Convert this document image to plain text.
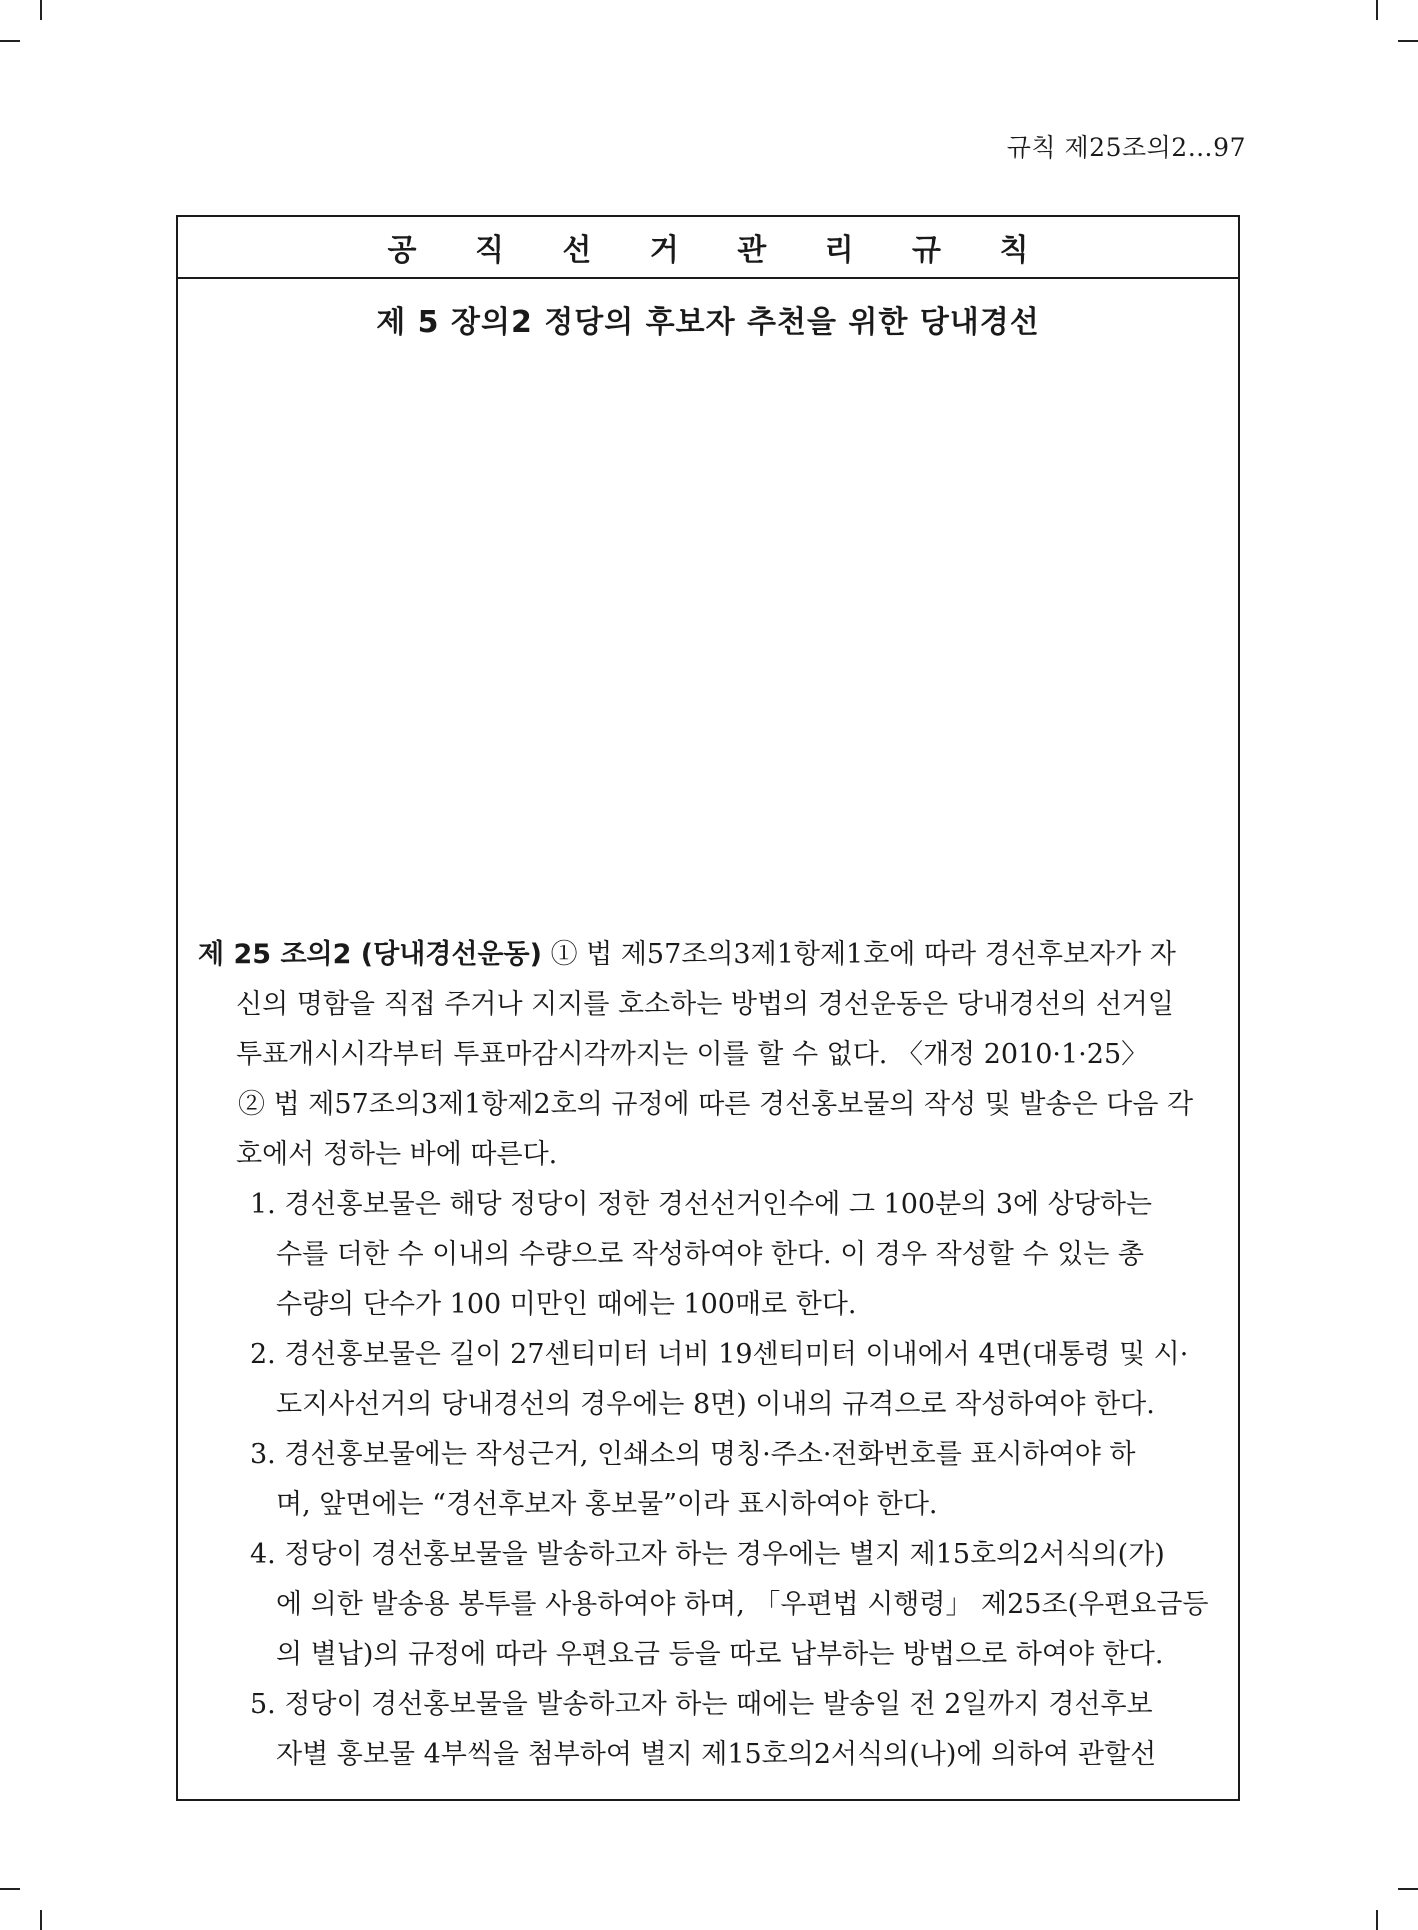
규칙 제25조의2…97
공 직 선 거 관 리 규 칙
제 5 장의2 정당의 후보자 추천을 위한 당내경선
제 25 조의2 (당내경선운동) ① 법 제57조의3제1항제1호에 따라 경선후보자가 자
신의 명함을 직접 주거나 지지를 호소하는 방법의 경선운동은 당내경선의 선거일
투표개시시각부터 투표마감시각까지는 이를 할 수 없다. 〈개정 2010·1·25〉
② 법 제57조의3제1항제2호의 규정에 따른 경선홍보물의 작성 및 발송은 다음 각
호에서 정하는 바에 따른다.
1. 경선홍보물은 해당 정당이 정한 경선선거인수에 그 100분의 3에 상당하는
수를 더한 수 이내의 수량으로 작성하여야 한다. 이 경우 작성할 수 있는 총
수량의 단수가 100 미만인 때에는 100매로 한다.
2. 경선홍보물은 길이 27센티미터 너비 19센티미터 이내에서 4면(대통령 및 시·
도지사선거의 당내경선의 경우에는 8면) 이내의 규격으로 작성하여야 한다.
3. 경선홍보물에는 작성근거, 인쇄소의 명칭·주소·전화번호를 표시하여야 하
며, 앞면에는 “경선후보자 홍보물”이라 표시하여야 한다.
4. 정당이 경선홍보물을 발송하고자 하는 경우에는 별지 제15호의2서식의(가)
에 의한 발송용 봉투를 사용하여야 하며, 「우편법 시행령」 제25조(우편요금등
의 별납)의 규정에 따라 우편요금 등을 따로 납부하는 방법으로 하여야 한다.
5. 정당이 경선홍보물을 발송하고자 하는 때에는 발송일 전 2일까지 경선후보
자별 홍보물 4부씩을 첨부하여 별지 제15호의2서식의(나)에 의하여 관할선
